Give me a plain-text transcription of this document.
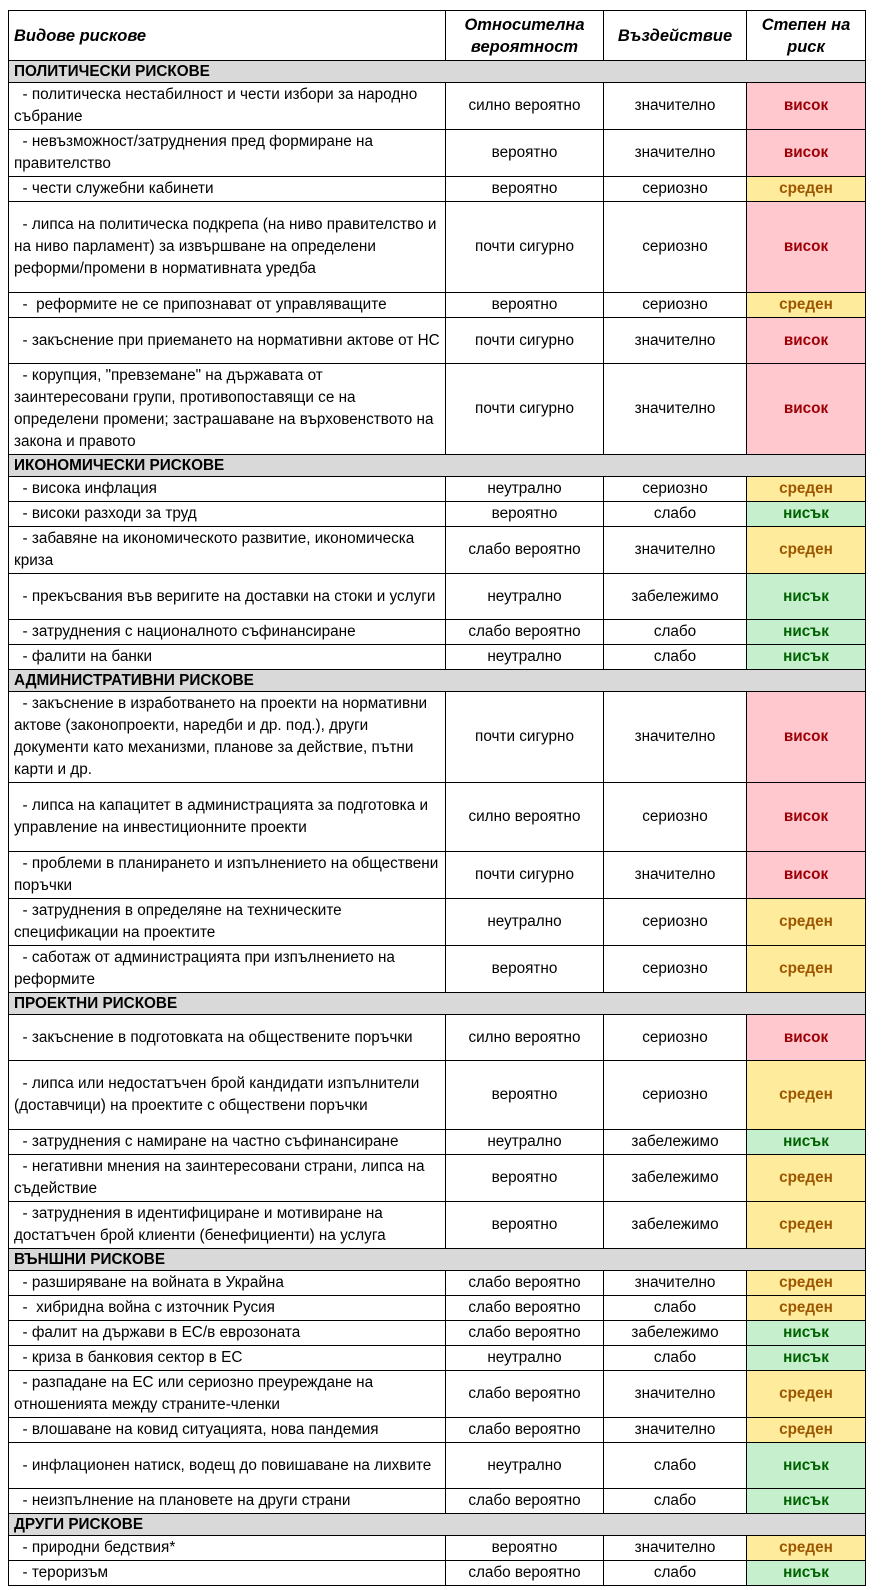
Видове рискове	Относителна вероятност	Въздействие	Степен на риск
ПОЛИТИЧЕСКИ РИСКОВЕ			
- политическа нестабилност и чести избори за народно събрание	силно вероятно	значително	висок
- невъзможност/затруднения пред формиране на правителство	вероятно	значително	висок
- чести служебни кабинети	вероятно	сериозно	среден
- липса на политическа подкрепа (на ниво правителство и на ниво парламент) за извършване на определени реформи/промени в нормативната уредба	почти сигурно	сериозно	висок
-  реформите не се припознават от управляващите	вероятно	сериозно	среден
- закъснение при приемането на нормативни актове от НС	почти сигурно	значително	висок
- корупция, "превземане" на държавата от заинтересовани групи, противопоставящи се на определени промени; застрашаване на върховенството на закона и правото	почти сигурно	значително	висок
ИКОНОМИЧЕСКИ РИСКОВЕ			
- висока инфлация	неутрално	сериозно	среден
- високи разходи за труд	вероятно	слабо	нисък
- забавяне на икономическото развитие, икономическа криза	слабо вероятно	значително	среден
- прекъсвания във веригите на доставки на стоки и услуги	неутрално	забележимо	нисък
- затруднения с националното съфинансиране	слабо вероятно	слабо	нисък
- фалити на банки	неутрално	слабо	нисък
АДМИНИСТРАТИВНИ РИСКОВЕ			
- закъснение в изработването на проекти на нормативни актове (законопроекти, наредби и др. под.), други документи като механизми, планове за действие, пътни карти и др.	почти сигурно	значително	висок
- липса на капацитет в администрацията за подготовка и управление на инвестиционните проекти	силно вероятно	сериозно	висок
- проблеми в планирането и изпълнението на обществени поръчки	почти сигурно	значително	висок
- затруднения в определяне на техническите спецификации на проектите	неутрално	сериозно	среден
- саботаж от администрацията при изпълнението на реформите	вероятно	сериозно	среден
ПРОЕКТНИ РИСКОВЕ			
- закъснение в подготовката на обществените поръчки	силно вероятно	сериозно	висок
- липса или недостатъчен брой кандидати изпълнители (доставчици) на проектите с обществени поръчки	вероятно	сериозно	среден
- затруднения с намиране на частно съфинансиране	неутрално	забележимо	нисък
- негативни мнения на заинтересовани страни, липса на съдействие	вероятно	забележимо	среден
- затруднения в идентифициране и мотивиране на достатъчен брой клиенти (бенефициенти) на услуга	вероятно	забележимо	среден
ВЪНШНИ РИСКОВЕ			
- разширяване на войната в Украйна	слабо вероятно	значително	среден
-  хибридна война с източник Русия	слабо вероятно	слабо	среден
- фалит на държави в ЕС/в еврозоната	слабо вероятно	забележимо	нисък
- криза в банковия сектор в ЕС	неутрално	слабо	нисък
- разпадане на ЕС или сериозно преуреждане на отношенията между страните-членки	слабо вероятно	значително	среден
- влошаване на ковид ситуацията, нова пандемия	слабо вероятно	значително	среден
- инфлационен натиск, водещ до повишаване на лихвите	неутрално	слабо	нисък
- неизпълнение на плановете на други страни	слабо вероятно	слабо	нисък
ДРУГИ РИСКОВЕ			
- природни бедствия*	вероятно	значително	среден
- тероризъм	слабо вероятно	слабо	нисък
